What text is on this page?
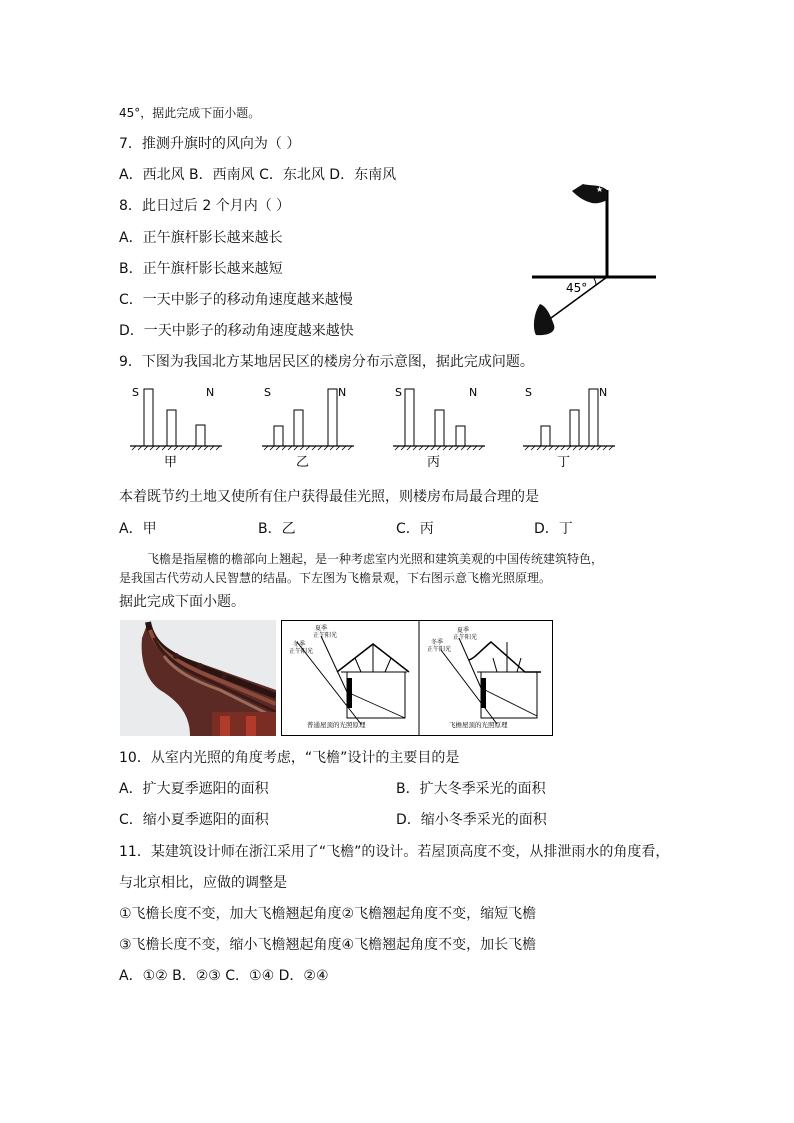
45°，据此完成下面小题。
7．推测升旗时的风向为（ ）
A．西北风 B．西南风 C．东北风 D．东南风
8．此日过后 2 个月内（ ）
A．正午旗杆影长越来越长
B．正午旗杆影长越来越短
C．一天中影子的移动角速度越来越慢
D．一天中影子的移动角速度越来越快
★
45°
9．下图为我国北方某地居民区的楼房分布示意图，据此完成问题。
S	N
甲
S	N
乙
S	N
丙
S	N
丁
本着既节约土地又使所有住户获得最佳光照，则楼房布局最合理的是
A．甲	B．乙	C．丙	D．丁
飞檐是指屋檐的檐部向上翘起，是一种考虑室内光照和建筑美观的中国传统建筑特色，
是我国古代劳动人民智慧的结晶。下左图为飞檐景观，下右图示意飞檐光照原理。
据此完成下面小题。
夏季正午阳光
冬季正午阳光
普通屋顶的光照原理
冬季正午阳光
夏季正午阳光
飞檐屋顶的光照原理
10．从室内光照的角度考虑，“飞檐”设计的主要目的是
A．扩大夏季遮阳的面积	B．扩大冬季采光的面积
C．缩小夏季遮阳的面积	D．缩小冬季采光的面积
11．某建筑设计师在浙江采用了“飞檐”的设计。若屋顶高度不变，从排泄雨水的角度看，
与北京相比，应做的调整是
①飞檐长度不变，加大飞檐翘起角度②飞檐翘起角度不变，缩短飞檐
③飞檐长度不变，缩小飞檐翘起角度④飞檐翘起角度不变，加长飞檐
A．①② B．②③ C．①④ D．②④
